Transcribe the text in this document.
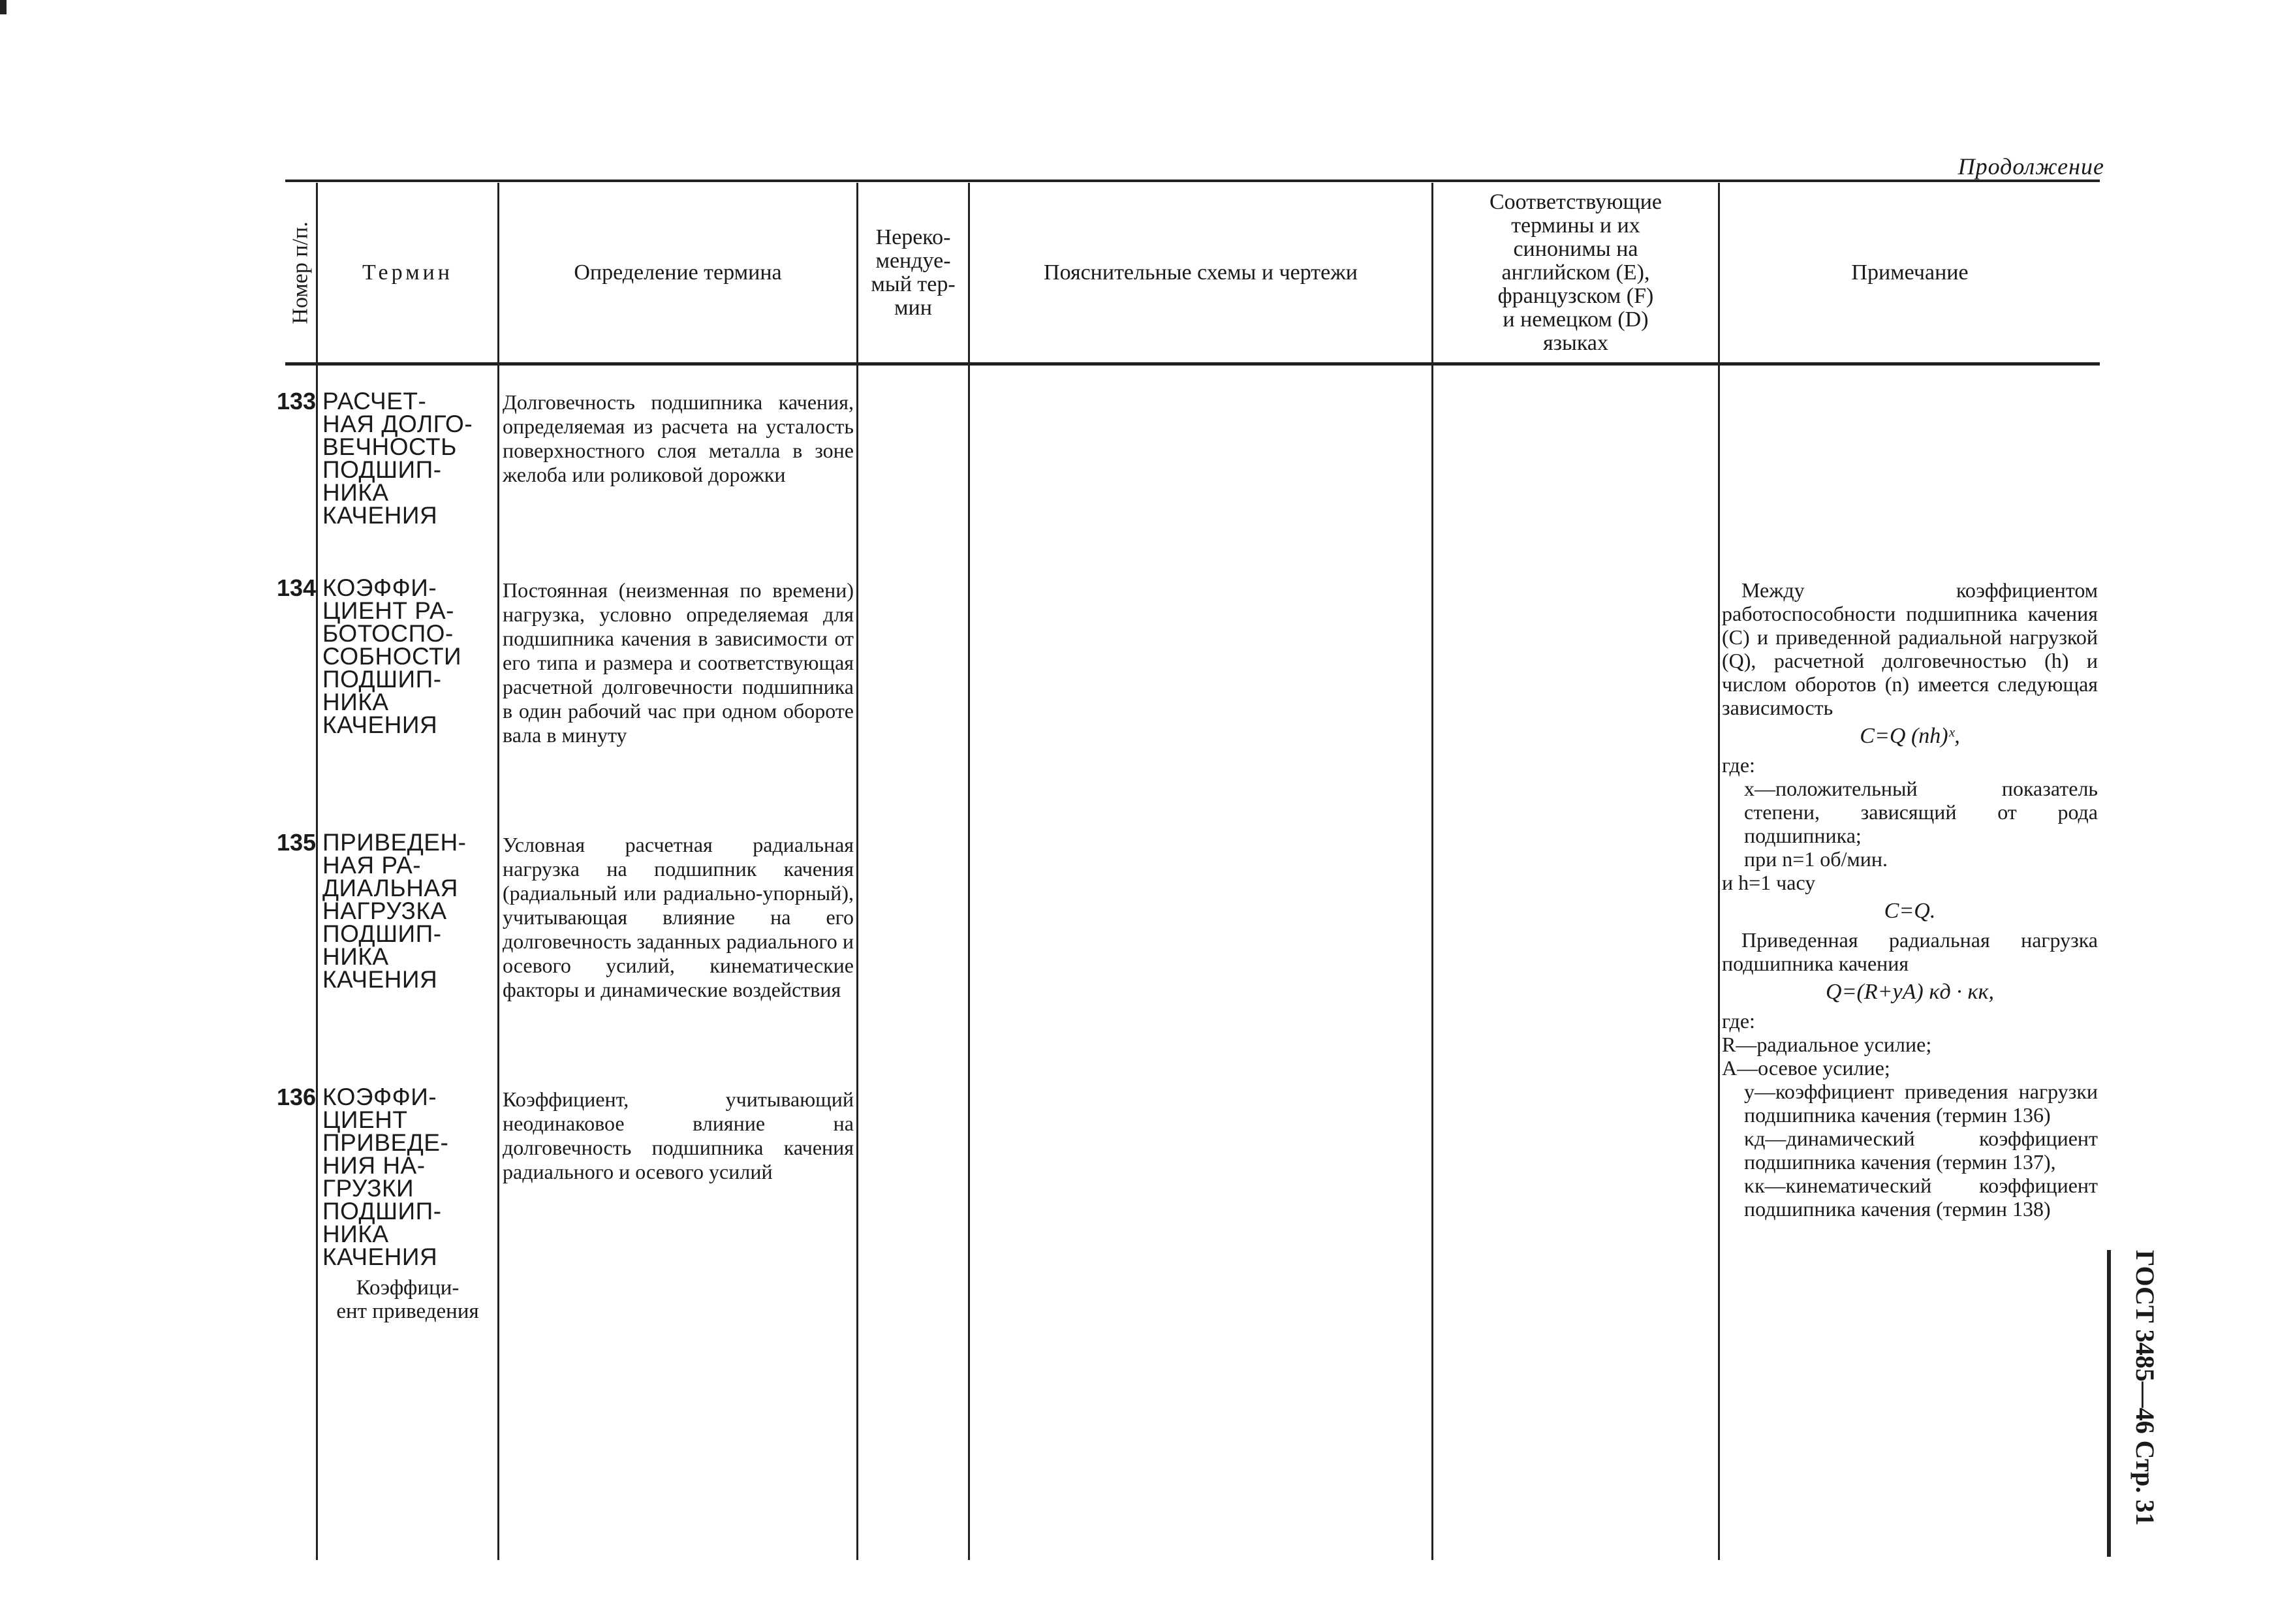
Продолжение
Номер п/п.	Термин	Определение термина
Нереко-
мендуе-
мый тер-
мин
Пояснительные схемы и чертежи
Соответствующие
термины и их
синонимы на
английском (E),
французском (F)
и немецком (D)
языках
Примечание
133 РАСЧЕТ-
НАЯ ДОЛГО-
ВЕЧНОСТЬ
ПОДШИП-
НИКА
КАЧЕНИЯ
Долговечность подшипника качения, определяемая из расчета на усталость поверхностного слоя металла в зоне желоба или роликовой дорожки
134 КОЭФФИ-
ЦИЕНТ РА-
БОТОСПО-
СОБНОСТИ
ПОДШИП-
НИКА
КАЧЕНИЯ
Постоянная (неизменная по времени) нагрузка, условно определяемая для подшипника качения в зависимости от его типа и размера и соответствующая расчетной долговечности подшипника в один рабочий час при одном обороте вала в минуту
135 ПРИВЕДЕН-
НАЯ РА-
ДИАЛЬНАЯ
НАГРУЗКА
ПОДШИП-
НИКА
КАЧЕНИЯ
Условная расчетная радиальная нагрузка на подшипник качения (радиальный или радиально-упорный), учитывающая влияние на его долговечность заданных радиального и осевого усилий, кинематические факторы и динамические воздействия
136 КОЭФФИ-
ЦИЕНТ
ПРИВЕДЕ-
НИЯ НА-
ГРУЗКИ
ПОДШИП-
НИКА
КАЧЕНИЯ
Коэффици-
ент приведения
Коэффициент, учитывающий неодинаковое влияние на долговечность подшипника качения радиального и осевого усилий

Между коэффициентом работоспособности подшипника качения (C) и приведенной радиальной нагрузкой (Q), расчетной долговечностью (h) и числом оборотов (n) имеется следующая зависимость

C=Q (nh)ˣ,

где:

x—положительный показатель степени, зависящий от рода подшипника;

при n=1 об/мин.

и h=1 часу

C=Q.

Приведенная радиальная нагрузка подшипника качения

Q=(R+yA) κд · κк,

где:

R—радиальное усилие;

A—осевое усилие;

y—коэффициент приведения нагрузки подшипника качения (термин 136)

κд—динамический коэффициент подшипника качения (термин 137),

κк—кинематический коэффициент подшипника качения (термин 138)

ГОСТ 3485—46 Стр. 31
